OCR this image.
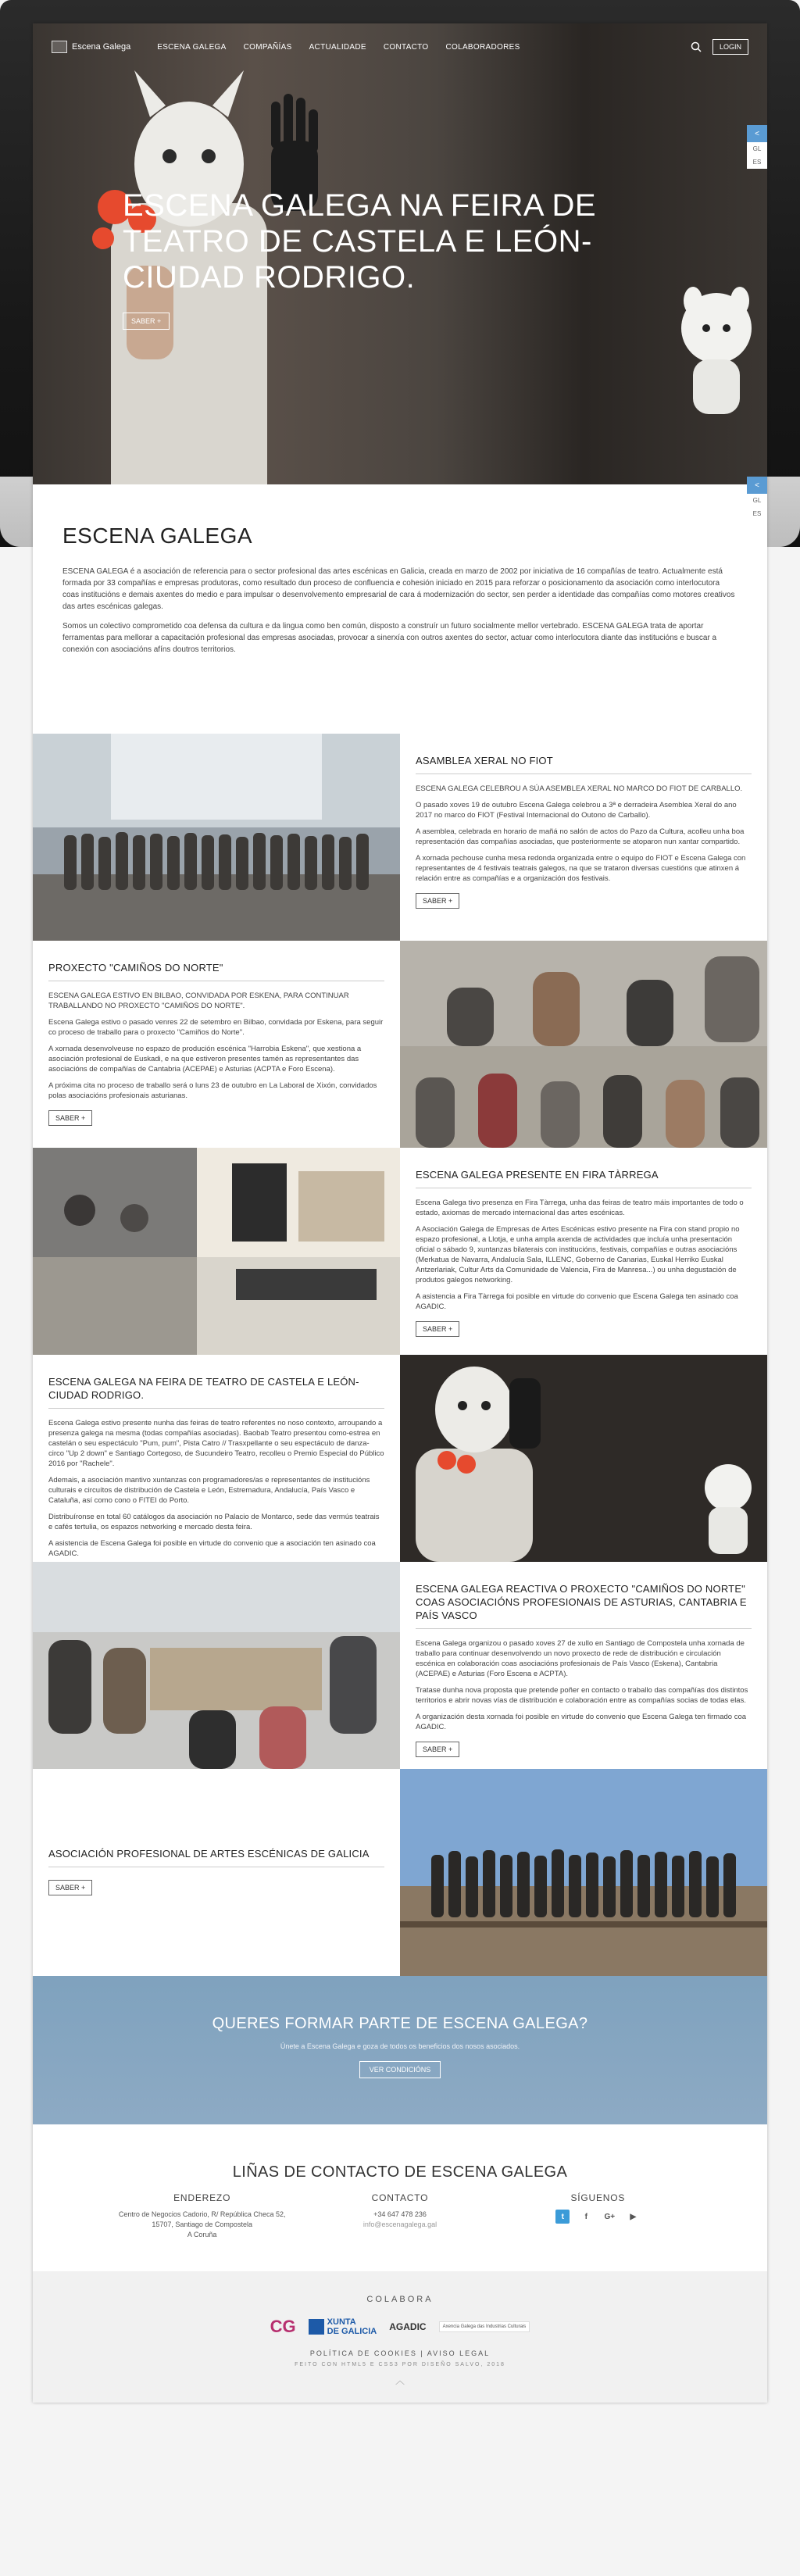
Escena Galega	ESCENA GALEGA COMPAÑÍAS ACTUALIDADE CONTACTO COLABORADORES	LOGIN
ESCENA GALEGA NA FEIRA DE TEATRO DE CASTELA E LEÓN-CIUDAD RODRIGO.
SABER +
<
GL
ES
ESCENA GALEGA

ESCENA GALEGA é a asociación de referencia para o sector profesional das artes escénicas en Galicia, creada en marzo de 2002 por iniciativa de 16 compañías de teatro. Actualmente está formada por 33 compañías e empresas produtoras, como resultado dun proceso de confluencia e cohesión iniciado en 2015 para reforzar o posicionamento da asociación como interlocutora coas institucións e demais axentes do medio e para impulsar o desenvolvemento empresarial de cara á modernización do sector, sen perder a identidade das compañías como motores creativos das artes escénicas galegas.

Somos un colectivo comprometido coa defensa da cultura e da lingua como ben común, disposto a construír un futuro socialmente mellor vertebrado. ESCENA GALEGA trata de aportar ferramentas para mellorar a capacitación profesional das empresas asociadas, provocar a sinerxía con outros axentes do sector, actuar como interlocutora diante das institucións e buscar a conexión con asociacións afíns doutros territorios.

<
GL
ES
ASAMBLEA XERAL NO FIOT

ESCENA GALEGA CELEBROU A SÚA ASEMBLEA XERAL NO MARCO DO FIOT DE CARBALLO.

O pasado xoves 19 de outubro Escena Galega celebrou a 3ª e derradeira Asemblea Xeral do ano 2017 no marco do FIOT (Festival Internacional do Outono de Carballo).

A asemblea, celebrada en horario de mañá no salón de actos do Pazo da Cultura, acolleu unha boa representación das compañías asociadas, que posteriormente se atoparon nun xantar compartido.

A xornada pechouse cunha mesa redonda organizada entre o equipo do FIOT e Escena Galega con representantes de 4 festivais teatrais galegos, na que se trataron diversas cuestións que atinxen á relación entre as compañías e a organización dos festivais.

SABER +
PROXECTO "CAMIÑOS DO NORTE"

ESCENA GALEGA ESTIVO EN BILBAO, CONVIDADA POR ESKENA, PARA CONTINUAR TRABALLANDO NO PROXECTO "CAMIÑOS DO NORTE".

Escena Galega estivo o pasado venres 22 de setembro en Bilbao, convidada por Eskena, para seguir co proceso de traballo para o proxecto "Camiños do Norte".

A xornada desenvolveuse no espazo de produción escénica "Harrobia Eskena", que xestiona a asociación profesional de Euskadi, e na que estiveron presentes tamén as representantes das asociacións de compañías de Cantabria (ACEPAE) e Asturias (ACPTA e Foro Escena).

A próxima cita no proceso de traballo será o luns 23 de outubro en La Laboral de Xixón, convidados polas asociacións profesionais asturianas.

SABER +
ESCENA GALEGA PRESENTE EN FIRA TÀRREGA

Escena Galega tivo presenza en Fira Tàrrega, unha das feiras de teatro máis importantes de todo o estado, axiomas de mercado internacional das artes escénicas.

A Asociación Galega de Empresas de Artes Escénicas estivo presente na Fira con stand propio no espazo profesional, a Llotja, e unha ampla axenda de actividades que incluía unha presentación oficial o sábado 9, xuntanzas bilaterais con institucións, festivais, compañías e outras asociacións (Merkatua de Navarra, Andalucía Sala, ILLENC, Goberno de Canarias, Euskal Herriko Euskal Antzerlariak, Cultur Arts da Comunidade de Valencia, Fira de Manresa...) ou unha degustación de produtos galegos networking.

A asistencia a Fira Tàrrega foi posible en virtude do convenio que Escena Galega ten asinado coa AGADIC.

SABER +
ESCENA GALEGA NA FEIRA DE TEATRO DE CASTELA E LEÓN-CIUDAD RODRIGO.

Escena Galega estivo presente nunha das feiras de teatro referentes no noso contexto, arroupando a presenza galega na mesma (todas compañías asociadas). Baobab Teatro presentou como-estrea en castelán o seu espectáculo "Pum, pum", Pista Catro // Trasxpellante o seu espectáculo de danza-circo "Up 2 down" e Santiago Cortegoso, de Sucundeiro Teatro, recolleu o Premio Especial do Público 2016 por "Rachele".

Ademais, a asociación mantivo xuntanzas con programadores/as e representantes de institucións culturais e circuítos de distribución de Castela e León, Estremadura, Andalucía, País Vasco e Cataluña, así como cono o FITEI do Porto.

Distribuíronse en total 60 catálogos da asociación no Palacio de Montarco, sede das vermús teatrais e cafés tertulia, os espazos networking e mercado desta feira.

A asistencia de Escena Galega foi posible en virtude do convenio que a asociación ten asinado coa AGADIC.

ESCENA GALEGA REACTIVA O PROXECTO "CAMIÑOS DO NORTE" COAS ASOCIACIÓNS PROFESIONAIS DE ASTURIAS, CANTABRIA E PAÍS VASCO

Escena Galega organizou o pasado xoves 27 de xullo en Santiago de Compostela unha xornada de traballo para continuar desenvolvendo un novo proxecto de rede de distribución e circulación escénica en colaboración coas asociacións profesionais de País Vasco (Eskena), Cantabria (ACEPAE) e Asturias (Foro Escena e ACPTA).

Tratase dunha nova proposta que pretende poñer en contacto o traballo das compañías dos distintos territorios e abrir novas vías de distribución e colaboración entre as compañías socias de todas elas.

A organización desta xornada foi posible en virtude do convenio que Escena Galega ten firmado coa AGADIC.

SABER +
ASOCIACIÓN PROFESIONAL DE ARTES ESCÉNICAS DE GALICIA
SABER +
QUERES FORMAR PARTE DE ESCENA GALEGA?

Únete a Escena Galega e goza de todos os beneficios dos nosos asociados.

VER CONDICIÓNS
LIÑAS DE CONTACTO DE ESCENA GALEGA
ENDEREZO

Centro de Negocios Cadorio, R/ República Checa 52,

15707, Santiago de Compostela

A Coruña

CONTACTO

+34 647 478 236

info@escenagalega.gal

SÍGUENOS
t	f	G+	▶
COLABORA
CG	XUNTA
DE GALICIA AGADIC	Axencia Galega das Industrias Culturais
POLÍTICA DE COOKIES | AVISO LEGAL
FEITO CON HTML5 E CSS3 POR DISEÑO SALVO, 2018
︿
